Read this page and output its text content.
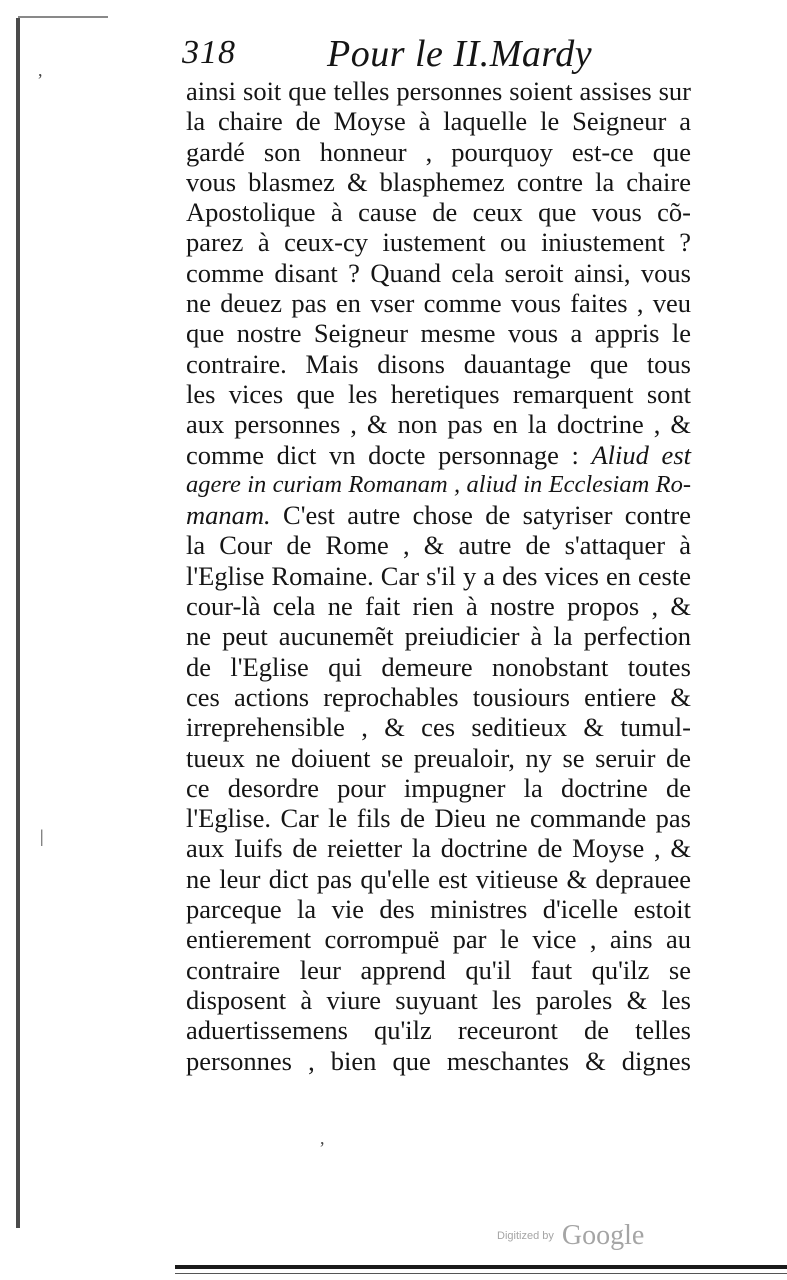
318 Pour le II.Mardy
ainsi soit que telles personnes soient assises sur
la chaire de Moyse à laquelle le Seigneur a
gardé son honneur , pourquoy est-ce que
vous blasmez & blasphemez contre la chaire
Apostolique à cause de ceux que vous cõ-
parez à ceux-cy iustement ou iniustement ?
comme disant ? Quand cela seroit ainsi, vous
ne deuez pas en vser comme vous faites , veu
que nostre Seigneur mesme vous a appris le
contraire. Mais disons dauantage que tous
les vices que les heretiques remarquent sont
aux personnes , & non pas en la doctrine , &
comme dict vn docte personnage : Aliud est
agere in curiam Romanam , aliud in Ecclesiam Ro-
manam. C'est autre chose de satyriser contre
la Cour de Rome , & autre de s'attaquer à
l'Eglise Romaine. Car s'il y a des vices en ceste
cour-là cela ne fait rien à nostre propos , &
ne peut aucunemẽt preiudicier à la perfection
de l'Eglise qui demeure nonobstant toutes
ces actions reprochables tousiours entiere &
irreprehensible , & ces seditieux & tumul-
tueux ne doiuent se preualoir, ny se seruir de
ce desordre pour impugner la doctrine de
l'Eglise. Car le fils de Dieu ne commande pas
aux Iuifs de reietter la doctrine de Moyse , &
ne leur dict pas qu'elle est vitieuse & deprauee
parceque la vie des ministres d'icelle estoit
entierement corrompuë par le vice , ains au
contraire leur apprend qu'il faut qu'ilz se
disposent à viure suyuant les paroles & les
aduertissemens qu'ilz receuront de telles
personnes , bien que meschantes & dignes
,
|
,
Digitized by Google
